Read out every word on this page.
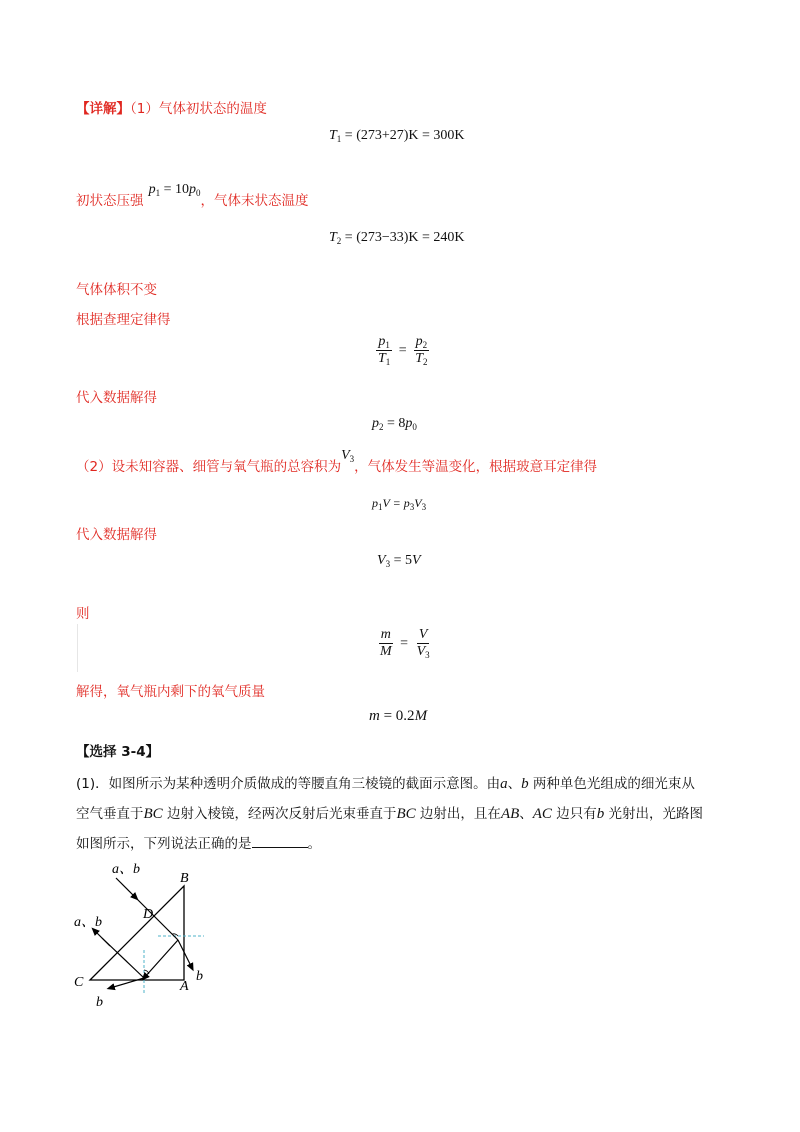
【详解】（1）气体初状态的温度
$T_1 = (273+27)K = 300K$
初状态压强 $p_1 = 10p_0$，气体末状态温度
$T_2 = (273-33)K = 240K$
气体体积不变
根据查理定律得
$\frac{p_1}{T_1} = \frac{p_2}{T_2}$
代入数据解得
$p_2 = 8p_0$
（2）设未知容器、细管与氧气瓶的总容积为$V_3$，气体发生等温变化，根据玻意耳定律得
$p_1V = p_3V_3$
代入数据解得
$V_3 = 5V$
则
$\frac{m}{M} = \frac{V}{V_3}$
解得，氧气瓶内剩下的氧气质量
m = 0.2M
【选择 3-4】
(1)．如图所示为某种透明介质做成的等腰直角三棱镜的截面示意图。由a、b 两种单色光组成的细光束从
空气垂直于BC 边射入棱镜，经两次反射后光束垂直于BC 边射出，且在AB、AC 边只有b 光射出，光路图
如图所示，下列说法正确的是	。
a、b
B
D
a、b
C	A
b
b
